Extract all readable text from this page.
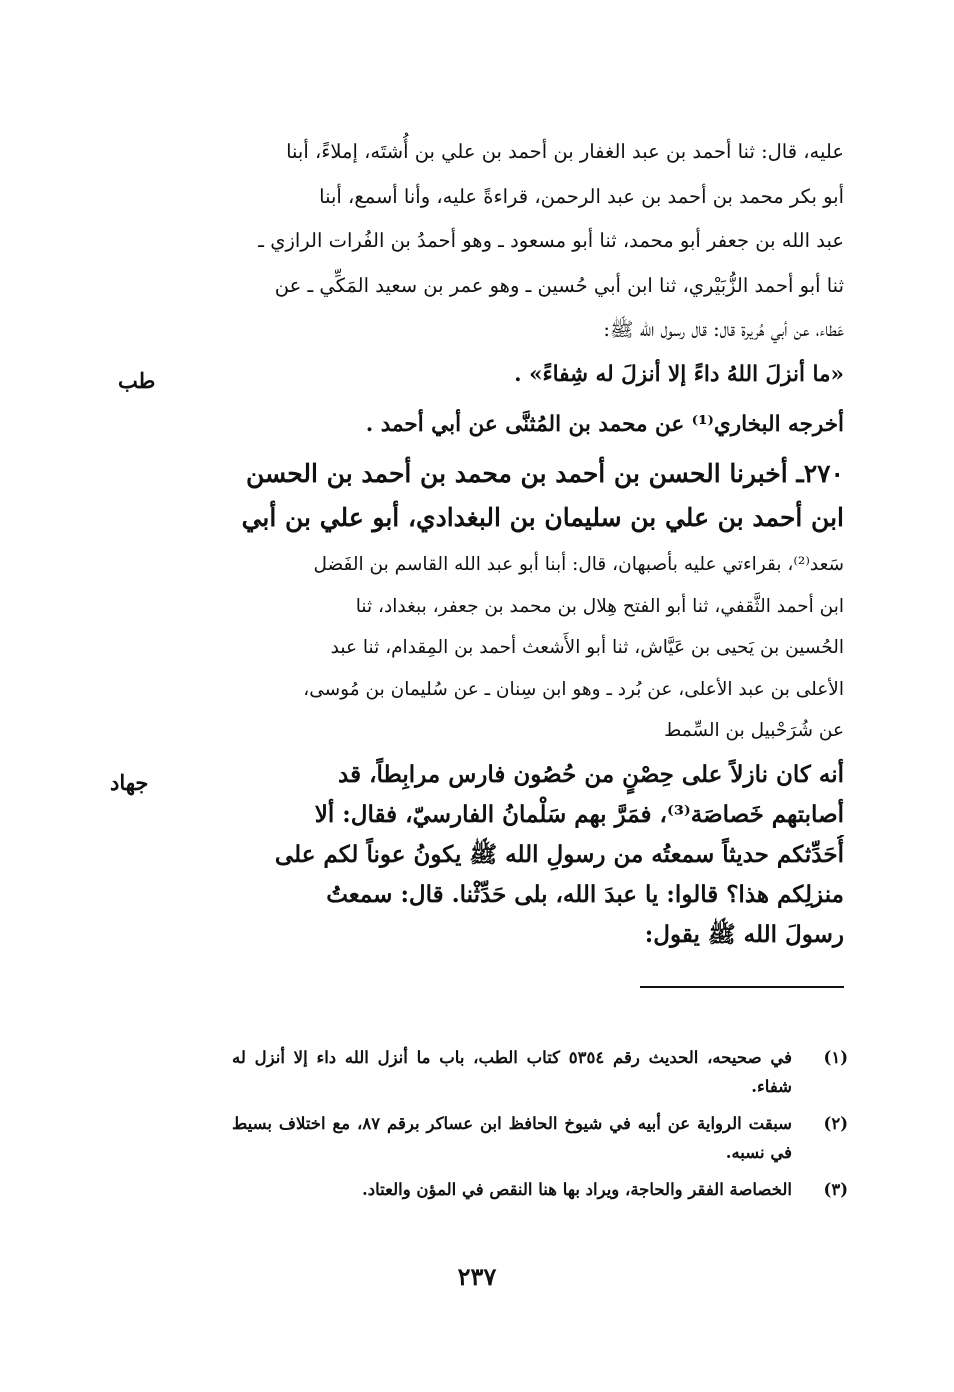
عليه، قال: ثنا أحمد بن عبد الغفار بن أحمد بن علي بن أُشتَه، إملاءً، أبنا
أبو بكر محمد بن أحمد بن عبد الرحمن، قراءةً عليه، وأنا أسمع، أبنا
عبد الله بن جعفر أبو محمد، ثنا أبو مسعود ـ وهو أحمدُ بن الفُرات الرازي ـ
ثنا أبو أحمد الزُّبَيْري، ثنا ابن أبي حُسين ـ وهو عمر بن سعيد المَكِّي ـ عن
عَطاء، عن أبي هُريرة قال: قال رسول الله ﷺ:
طب	«ما أنزلَ اللهُ داءً إلا أنزلَ له شِفاءً» .
أخرجه البخاري⁽¹⁾ عن محمد بن المُثنَّى عن أبي أحمد .
٢٧٠ـ أخبرنا الحسن بن أحمد بن محمد بن أحمد بن الحسن
ابن أحمد بن علي بن سليمان بن البغدادي، أبو علي بن أبي
سَعد⁽²⁾، بقراءتي عليه بأصبهان، قال: أبنا أبو عبد الله القاسم بن الفَضل
ابن أحمد الثَّقفي، ثنا أبو الفتح هِلال بن محمد بن جعفر، ببغداد، ثنا
الحُسين بن يَحيى بن عَيَّاش، ثنا أبو الأَشعث أحمد بن المِقدام، ثنا عبد
الأعلى بن عبد الأعلى، عن بُرد ـ وهو ابن سِنان ـ عن سُليمان بن مُوسى،
عن شُرَحْبيل بن السِّمط
جهاد	أنه كان نازلاً على حِصْنٍ من حُصُون فارس مرابِطاً، قد
أصابتهم خَصاصَة⁽³⁾، فمَرَّ بهم سَلْمانُ الفارسيّ، فقال: ألا
أُحَدِّثكم حديثاً سمعتُه من رسولِ الله ﷺ يكونُ عوناً لكم على
منزلِكم هذا؟ قالوا: يا عبدَ الله، بلى حَدِّثْنا. قال: سمعتُ
رسولَ الله ﷺ يقول:
(١)
في صحيحه، الحديث رقم ٥٣٥٤ كتاب الطب، باب ما أنزل الله داء إلا أنزل له شفاء.
(٢)
سبقت الرواية عن أبيه في شيوخ الحافظ ابن عساكر برقم ٨٧، مع اختلاف بسيط في نسبه.
(٣)
الخصاصة الفقر والحاجة، ويراد بها هنا النقص في المؤن والعتاد.
٢٣٧
